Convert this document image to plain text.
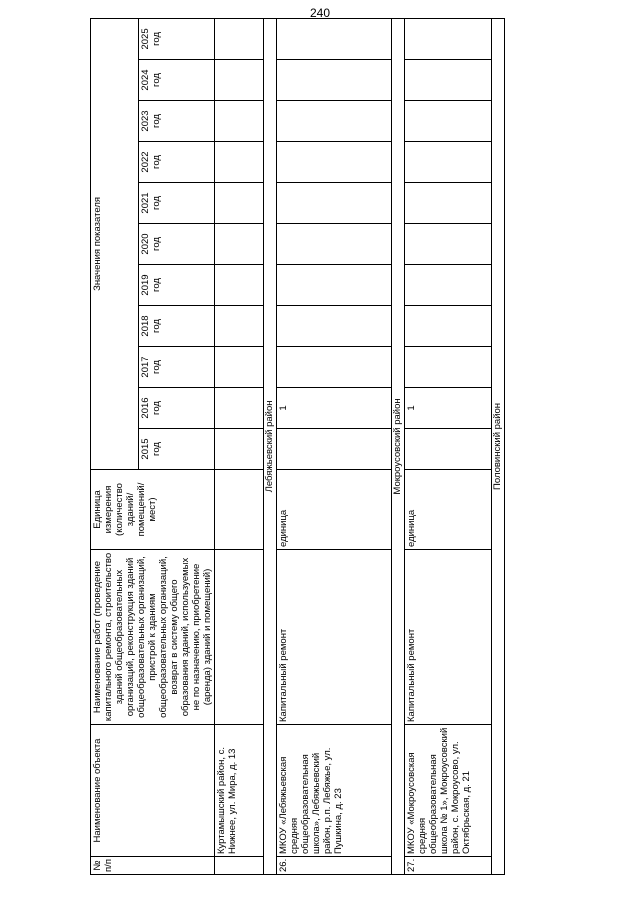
240
№ п/п	Наименование объекта	Наименование работ (проведение капитального ремонта, строительство зданий общеобразовательных организаций, реконструкция зданий общеобразовательных организаций, пристрой к зданиям общеобразовательных организаций, возврат в систему общего образования зданий, используемых не по назначению, приобретение (аренда) зданий и помещений)	Единица измерения (количество зданий/ помещений/ мест)	Значения показателя										
				2015 год	2016 год	2017 год	2018 год	2019 год	2020 год	2021 год	2022 год	2023 год	2024 год	2025 год
	Куртамышский район, с. Нижнее, ул. Мира, д. 13													
Лебяжьевский район														
26.	МКОУ «Лебяжьевская средняя общеобразовательная школа», Лебяжьевский район, р.п. Лебяжье, ул. Пушкина, д. 23	Капитальный ремонт	единица		1									
Мокроусовский район														
27.	МКОУ «Мокроусовская средняя общеобразовательная школа № 1», Мокроусовский район, с. Мокроусово, ул. Октябрьская, д. 21	Капитальный ремонт	единица		1									
Половинский район														
